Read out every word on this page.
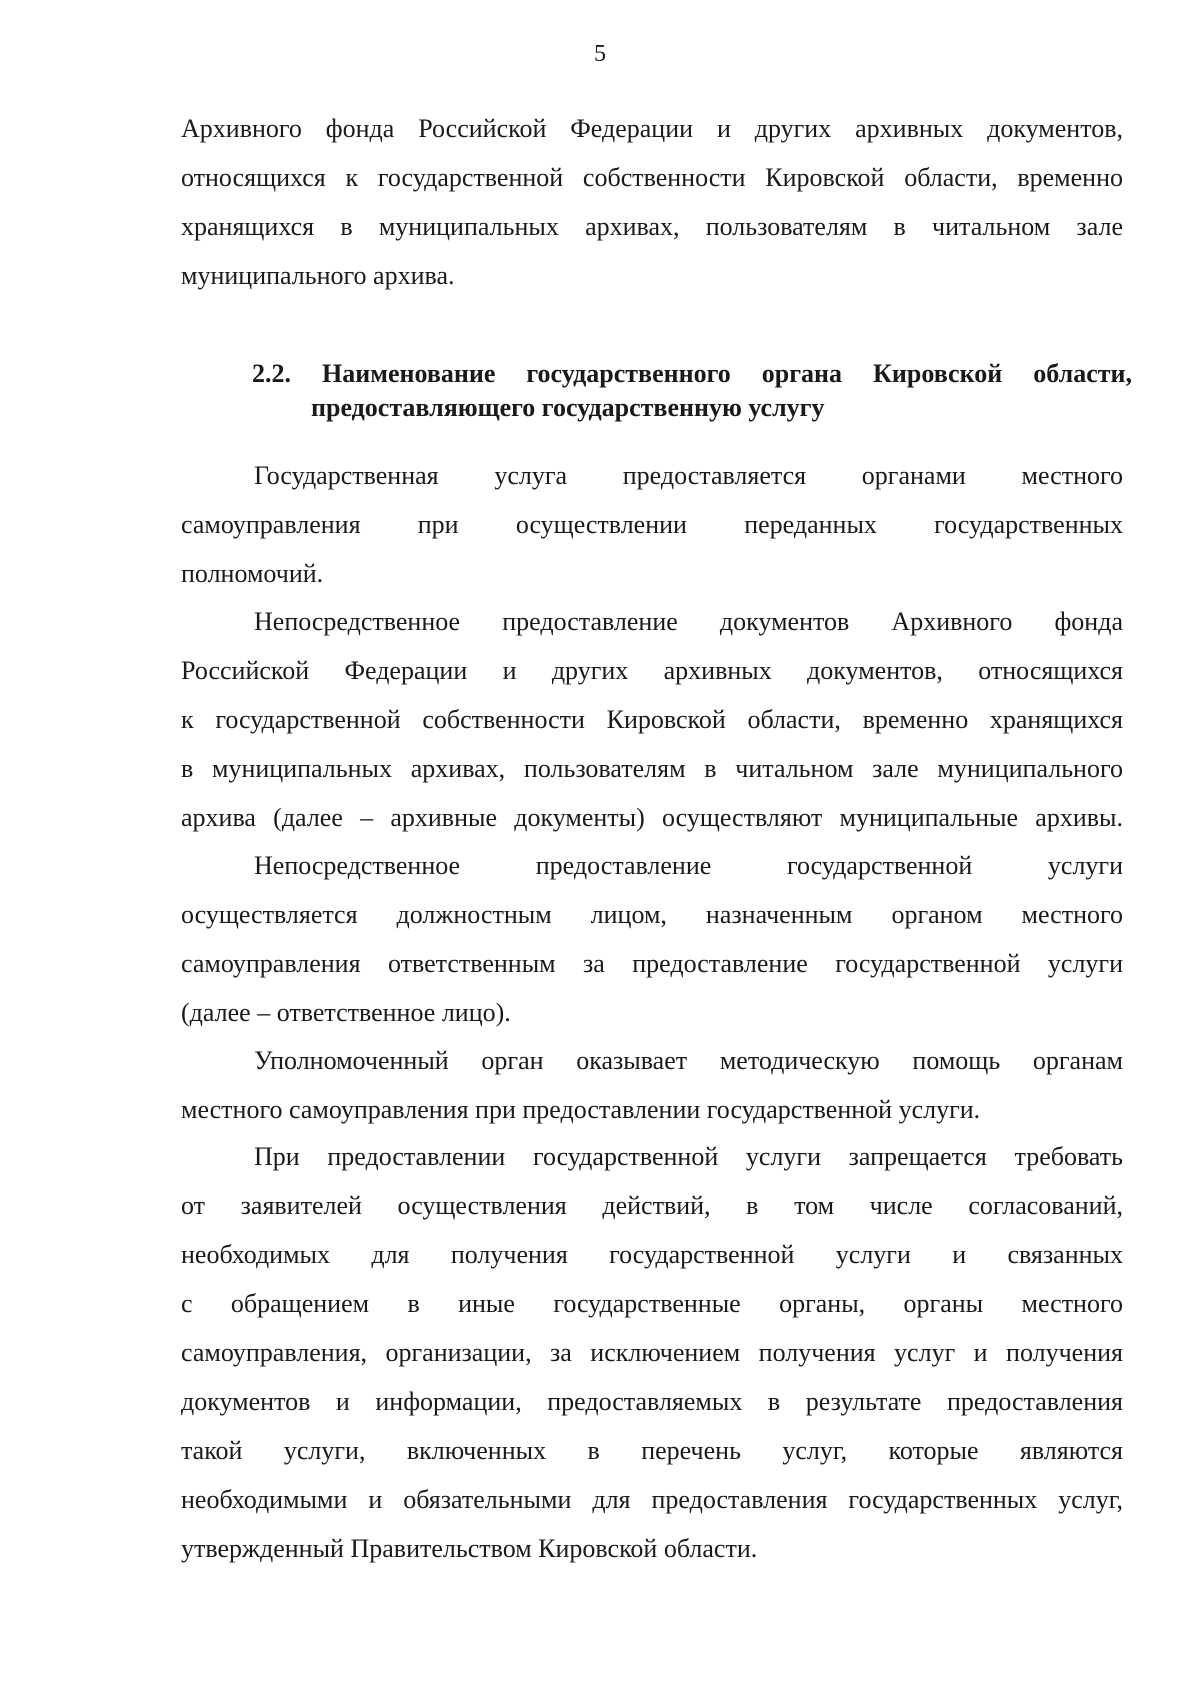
5
Архивного фонда Российской Федерации и других архивных документов,
относящихся к государственной собственности Кировской области, временно
хранящихся в муниципальных архивах, пользователям в читальном зале
муниципального архива.
2.2. Наименование государственного органа Кировской области,
предоставляющего государственную услугу
Государственная услуга предоставляется органами местного
самоуправления при осуществлении переданных государственных
полномочий.
Непосредственное предоставление документов Архивного фонда
Российской Федерации и других архивных документов, относящихся
к государственной собственности Кировской области, временно хранящихся
в муниципальных архивах, пользователям в читальном зале муниципального
архива (далее – архивные документы) осуществляют муниципальные архивы.
Непосредственное предоставление государственной услуги
осуществляется должностным лицом, назначенным органом местного
самоуправления ответственным за предоставление государственной услуги
(далее – ответственное лицо).
Уполномоченный орган оказывает методическую помощь органам
местного самоуправления при предоставлении государственной услуги.
При предоставлении государственной услуги запрещается требовать
от заявителей осуществления действий, в том числе согласований,
необходимых для получения государственной услуги и связанных
с обращением в иные государственные органы, органы местного
самоуправления, организации, за исключением получения услуг и получения
документов и информации, предоставляемых в результате предоставления
такой услуги, включенных в перечень услуг, которые являются
необходимыми и обязательными для предоставления государственных услуг,
утвержденный Правительством Кировской области.
